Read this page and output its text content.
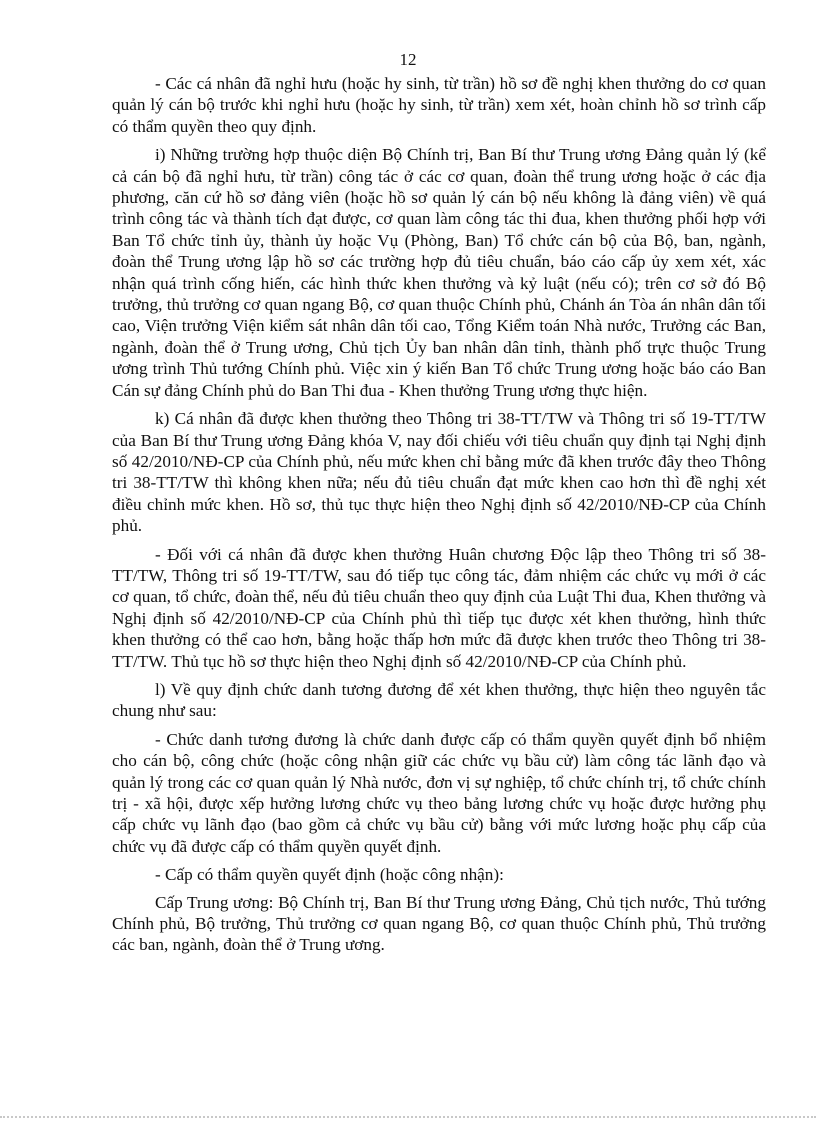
12

- Các cá nhân đã nghỉ hưu (hoặc hy sinh, từ trần) hồ sơ đề nghị khen thưởng do cơ quan quản lý cán bộ trước khi nghỉ hưu (hoặc hy sinh, từ trần) xem xét, hoàn chỉnh hồ sơ trình cấp có thẩm quyền theo quy định.

i) Những trường hợp thuộc diện Bộ Chính trị, Ban Bí thư Trung ương Đảng quản lý (kể cả cán bộ đã nghỉ hưu, từ trần) công tác ở các cơ quan, đoàn thể trung ương hoặc ở các địa phương, căn cứ hồ sơ đảng viên (hoặc hồ sơ quản lý cán bộ nếu không là đảng viên) về quá trình công tác và thành tích đạt được, cơ quan làm công tác thi đua, khen thưởng phối hợp với Ban Tổ chức tỉnh ủy, thành ủy hoặc Vụ (Phòng, Ban) Tổ chức cán bộ của Bộ, ban, ngành, đoàn thể Trung ương lập hồ sơ các trường hợp đủ tiêu chuẩn, báo cáo cấp ủy xem xét, xác nhận quá trình cống hiến, các hình thức khen thưởng và kỷ luật (nếu có); trên cơ sở đó Bộ trưởng, thủ trưởng cơ quan ngang Bộ, cơ quan thuộc Chính phủ, Chánh án Tòa án nhân dân tối cao, Viện trưởng Viện kiểm sát nhân dân tối cao, Tổng Kiểm toán Nhà nước, Trưởng các Ban, ngành, đoàn thể ở Trung ương, Chủ tịch Ủy ban nhân dân tỉnh, thành phố trực thuộc Trung ương trình Thủ tướng Chính phủ. Việc xin ý kiến Ban Tổ chức Trung ương hoặc báo cáo Ban Cán sự đảng Chính phủ do Ban Thi đua - Khen thưởng Trung ương thực hiện.

k) Cá nhân đã được khen thưởng theo Thông tri 38-TT/TW và Thông tri số 19-TT/TW của Ban Bí thư Trung ương Đảng khóa V, nay đối chiếu với tiêu chuẩn quy định tại Nghị định số 42/2010/NĐ-CP của Chính phủ, nếu mức khen chỉ bằng mức đã khen trước đây theo Thông tri 38-TT/TW thì không khen nữa; nếu đủ tiêu chuẩn đạt mức khen cao hơn thì đề nghị xét điều chỉnh mức khen. Hồ sơ, thủ tục thực hiện theo Nghị định số 42/2010/NĐ-CP của Chính phủ.

- Đối với cá nhân đã được khen thưởng Huân chương Độc lập theo Thông tri số 38-TT/TW, Thông tri số 19-TT/TW, sau đó tiếp tục công tác, đảm nhiệm các chức vụ mới ở các cơ quan, tổ chức, đoàn thể, nếu đủ tiêu chuẩn theo quy định của Luật Thi đua, Khen thưởng và Nghị định số 42/2010/NĐ-CP của Chính phủ thì tiếp tục được xét khen thưởng, hình thức khen thưởng có thể cao hơn, bằng hoặc thấp hơn mức đã được khen trước theo Thông tri 38-TT/TW. Thủ tục hồ sơ thực hiện theo Nghị định số 42/2010/NĐ-CP của Chính phủ.

l) Về quy định chức danh tương đương để xét khen thưởng, thực hiện theo nguyên tắc chung như sau:

- Chức danh tương đương là chức danh được cấp có thẩm quyền quyết định bổ nhiệm cho cán bộ, công chức (hoặc công nhận giữ các chức vụ bầu cử) làm công tác lãnh đạo và quản lý trong các cơ quan quản lý Nhà nước, đơn vị sự nghiệp, tổ chức chính trị, tổ chức chính trị - xã hội, được xếp hưởng lương chức vụ theo bảng lương chức vụ hoặc được hưởng phụ cấp chức vụ lãnh đạo (bao gồm cả chức vụ bầu cử) bằng với mức lương hoặc phụ cấp của chức vụ đã được cấp có thẩm quyền quyết định.

- Cấp có thẩm quyền quyết định (hoặc công nhận):

Cấp Trung ương: Bộ Chính trị, Ban Bí thư Trung ương Đảng, Chủ tịch nước, Thủ tướng Chính phủ, Bộ trưởng, Thủ trưởng cơ quan ngang Bộ, cơ quan thuộc Chính phủ, Thủ trưởng các ban, ngành, đoàn thể ở Trung ương.
